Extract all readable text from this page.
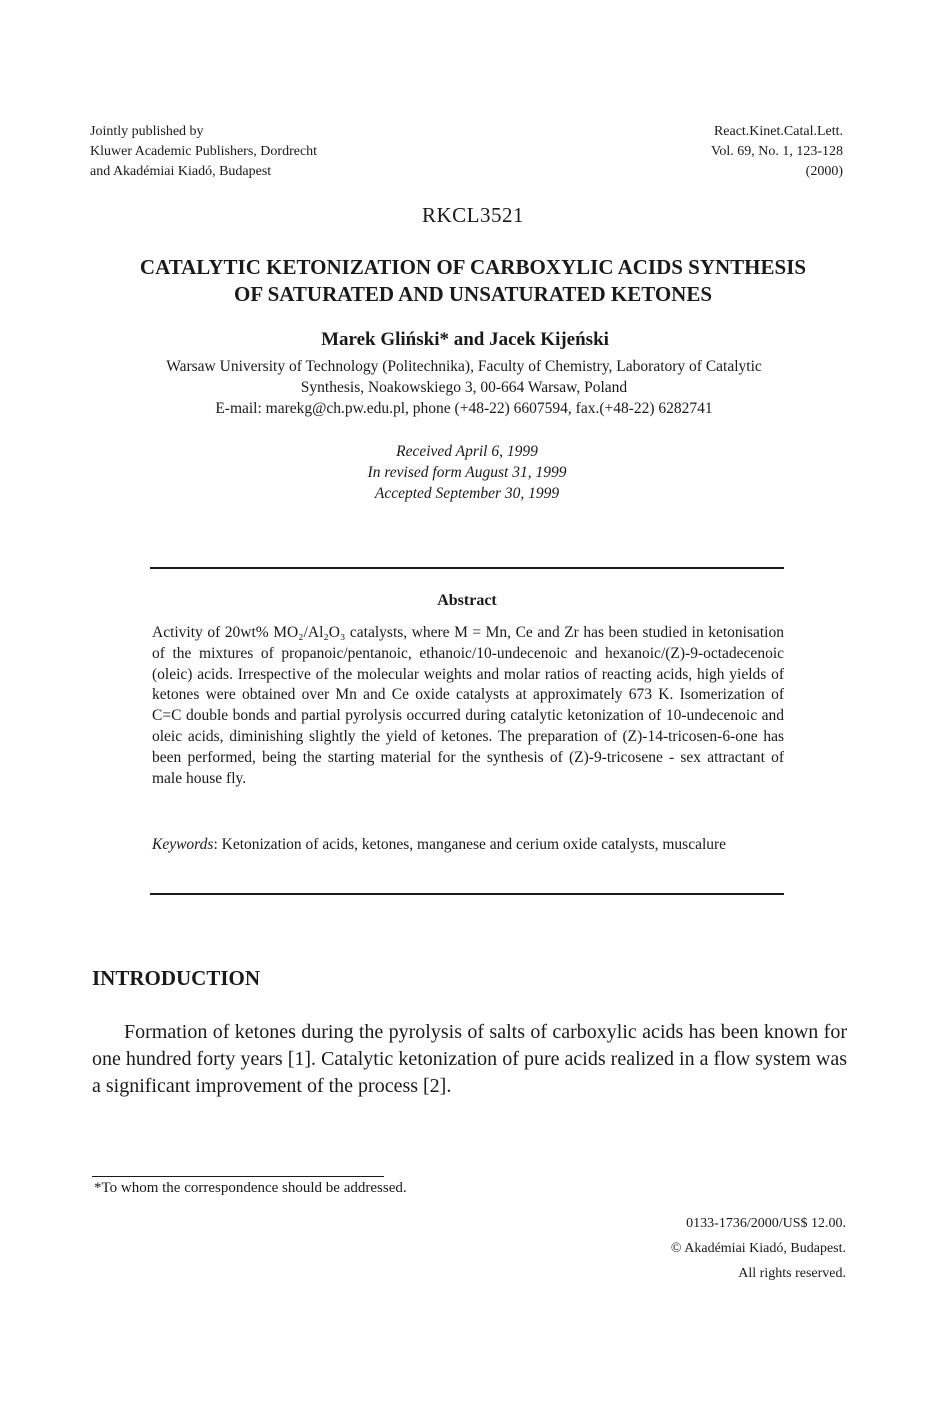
Jointly published by
Kluwer Academic Publishers, Dordrecht
and Akadémiai Kiadó, Budapest
React.Kinet.Catal.Lett.
Vol. 69, No. 1, 123-128
(2000)
RKCL3521
CATALYTIC KETONIZATION OF CARBOXYLIC ACIDS SYNTHESIS
OF SATURATED AND UNSATURATED KETONES
Marek Gliński* and Jacek Kijeński
Warsaw University of Technology (Politechnika), Faculty of Chemistry, Laboratory of Catalytic
Synthesis, Noakowskiego 3, 00-664 Warsaw, Poland
E-mail: marekg@ch.pw.edu.pl, phone (+48-22) 6607594, fax.(+48-22) 6282741
Received April 6, 1999
In revised form August 31, 1999
Accepted September 30, 1999
Abstract
Activity of 20wt% MO₂/Al₂O₃ catalysts, where M = Mn, Ce and Zr has been studied in ketonisation of the mixtures of propanoic/pentanoic, ethanoic/10-undecenoic and hexanoic/(Z)-9-octadecenoic (oleic) acids. Irrespective of the molecular weights and molar ratios of reacting acids, high yields of ketones were obtained over Mn and Ce oxide catalysts at approximately 673 K. Isomerization of C=C double bonds and partial pyrolysis occurred during catalytic ketonization of 10-undecenoic and oleic acids, diminishing slightly the yield of ketones. The preparation of (Z)-14-tricosen-6-one has been performed, being the starting material for the synthesis of (Z)-9-tricosene - sex attractant of male house fly.
Keywords: Ketonization of acids, ketones, manganese and cerium oxide catalysts, muscalure
INTRODUCTION
Formation of ketones during the pyrolysis of salts of carboxylic acids has been known for one hundred forty years [1]. Catalytic ketonization of pure acids realized in a flow system was a significant improvement of the process [2].
*To whom the correspondence should be addressed.
0133-1736/2000/US$ 12.00.
© Akadémiai Kiadó, Budapest.
All rights reserved.
